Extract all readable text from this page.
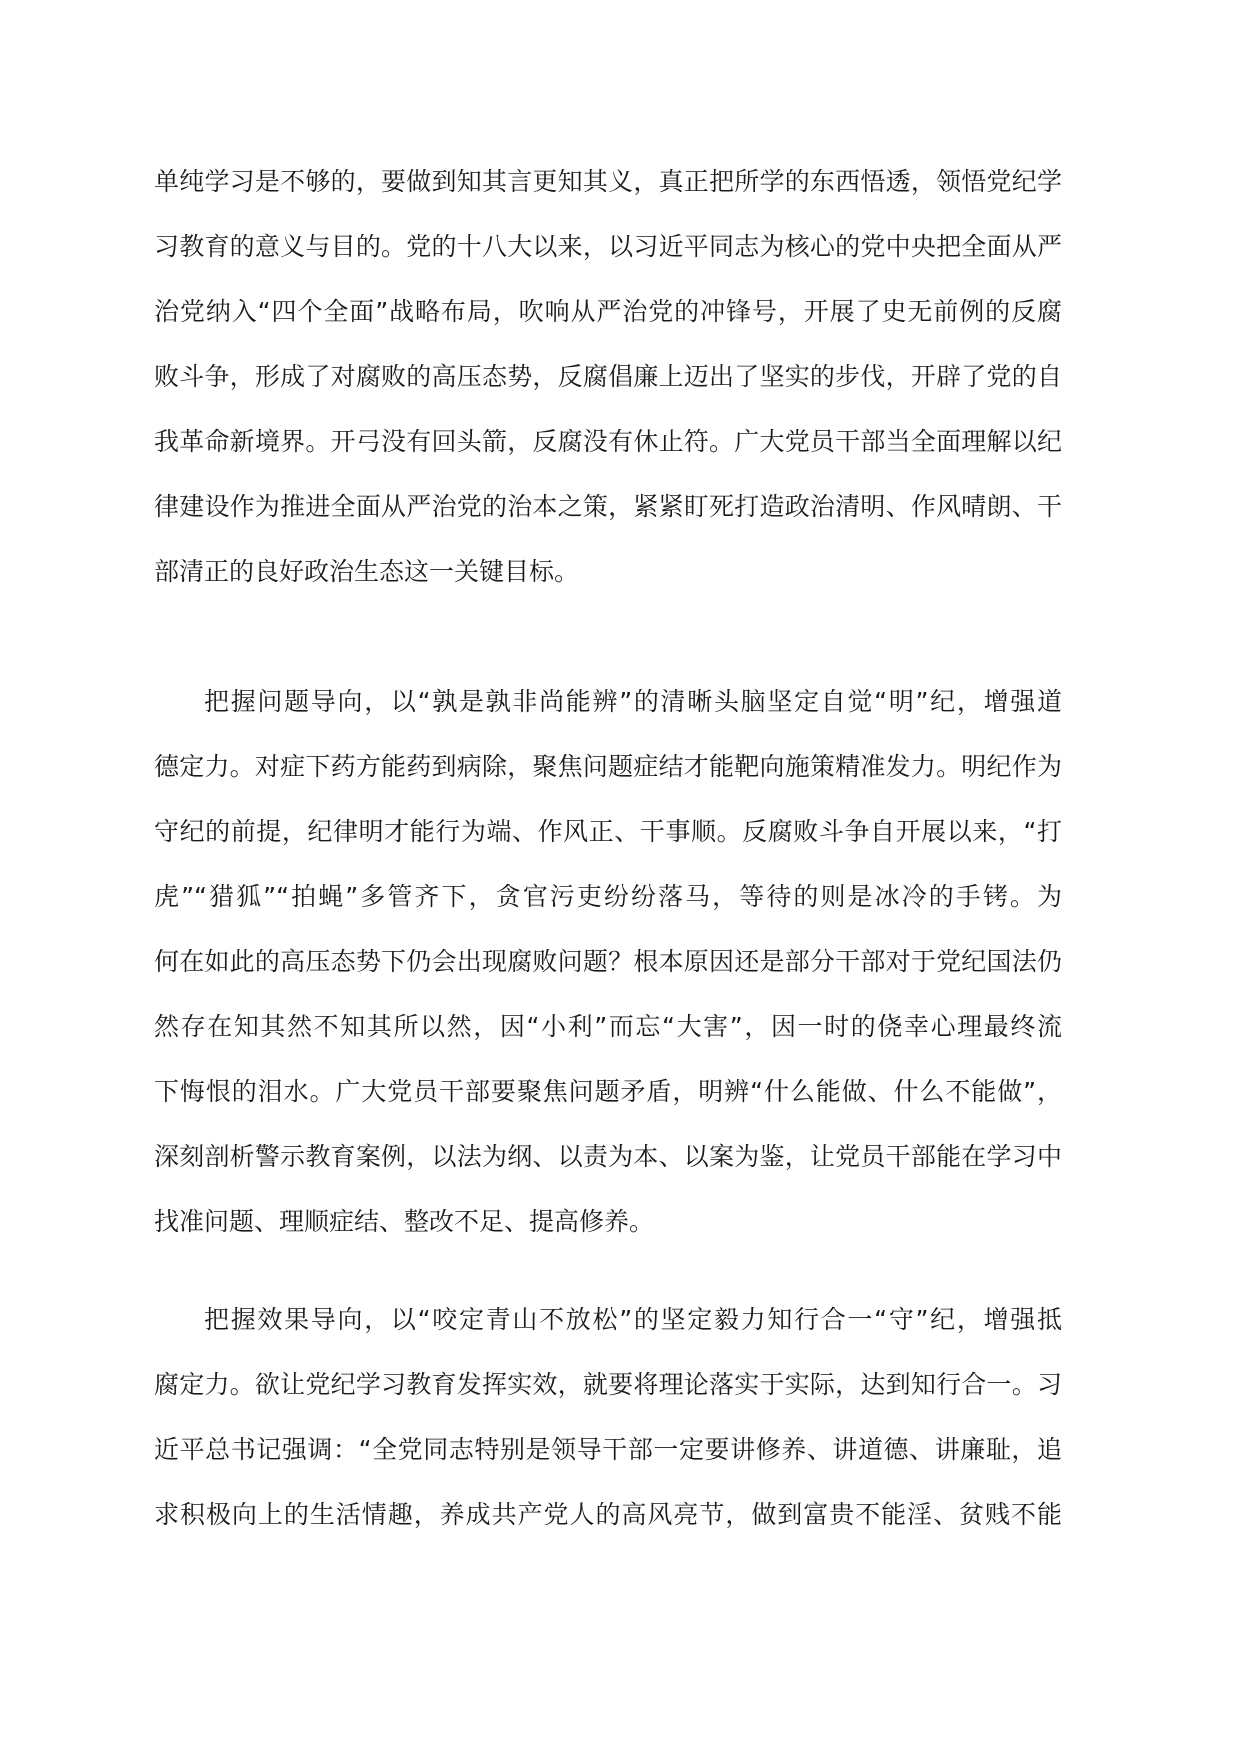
单纯学习是不够的，要做到知其言更知其义，真正把所学的东西悟透，领悟党纪学
习教育的意义与目的。党的十八大以来，以习近平同志为核心的党中央把全面从严
治党纳入“四个全面”战略布局，吹响从严治党的冲锋号，开展了史无前例的反腐
败斗争，形成了对腐败的高压态势，反腐倡廉上迈出了坚实的步伐，开辟了党的自
我革命新境界。开弓没有回头箭，反腐没有休止符。广大党员干部当全面理解以纪
律建设作为推进全面从严治党的治本之策，紧紧盯死打造政治清明、作风晴朗、干
部清正的良好政治生态这一关键目标。
把握问题导向，以“孰是孰非尚能辨”的清晰头脑坚定自觉“明”纪，增强道
德定力。对症下药方能药到病除，聚焦问题症结才能靶向施策精准发力。明纪作为
守纪的前提，纪律明才能行为端、作风正、干事顺。反腐败斗争自开展以来，“打
虎”“猎狐”“拍蝇”多管齐下，贪官污吏纷纷落马，等待的则是冰冷的手铐。为
何在如此的高压态势下仍会出现腐败问题？根本原因还是部分干部对于党纪国法仍
然存在知其然不知其所以然，因“小利”而忘“大害”，因一时的侥幸心理最终流
下悔恨的泪水。广大党员干部要聚焦问题矛盾，明辨“什么能做、什么不能做”，
深刻剖析警示教育案例，以法为纲、以责为本、以案为鉴，让党员干部能在学习中
找准问题、理顺症结、整改不足、提高修养。
把握效果导向，以“咬定青山不放松”的坚定毅力知行合一“守”纪，增强抵
腐定力。欲让党纪学习教育发挥实效，就要将理论落实于实际，达到知行合一。习
近平总书记强调：“全党同志特别是领导干部一定要讲修养、讲道德、讲廉耻，追
求积极向上的生活情趣，养成共产党人的高风亮节，做到富贵不能淫、贫贱不能
